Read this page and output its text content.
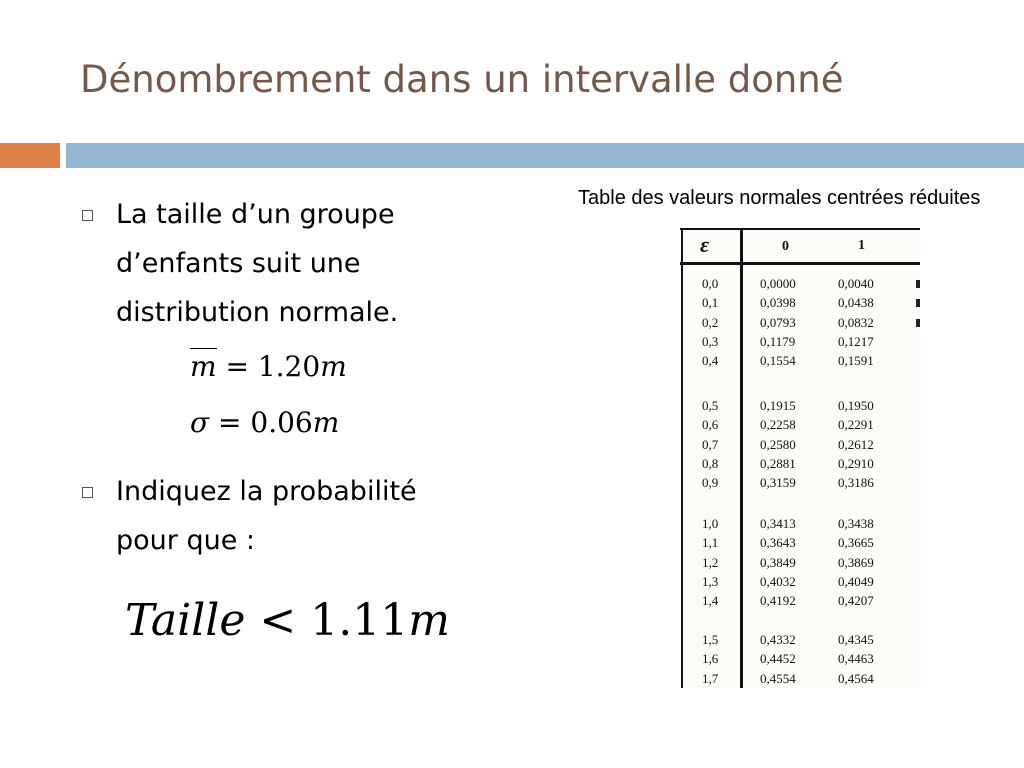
Dénombrement dans un intervalle donné
La taille d’un groupe
d’enfants suit une
distribution normale.
Indiquez la probabilité
pour que :
m = 1.20m
σ = 0.06m
Taille < 1.11m
Table des valeurs normales centrées réduites
ε	0	1
0,0	0,0000	0,0040
0,1	0,0398	0,0438
0,2	0,0793	0,0832
0,3	0,1179	0,1217
0,4	0,1554	0,1591
0,5	0,1915	0,1950
0,6	0,2258	0,2291
0,7	0,2580	0,2612
0,8	0,2881	0,2910
0,9	0,3159	0,3186
1,0	0,3413	0,3438
1,1	0,3643	0,3665
1,2	0,3849	0,3869
1,3	0,4032	0,4049
1,4	0,4192	0,4207
1,5	0,4332	0,4345
1,6	0,4452	0,4463
1,7	0,4554	0,4564
